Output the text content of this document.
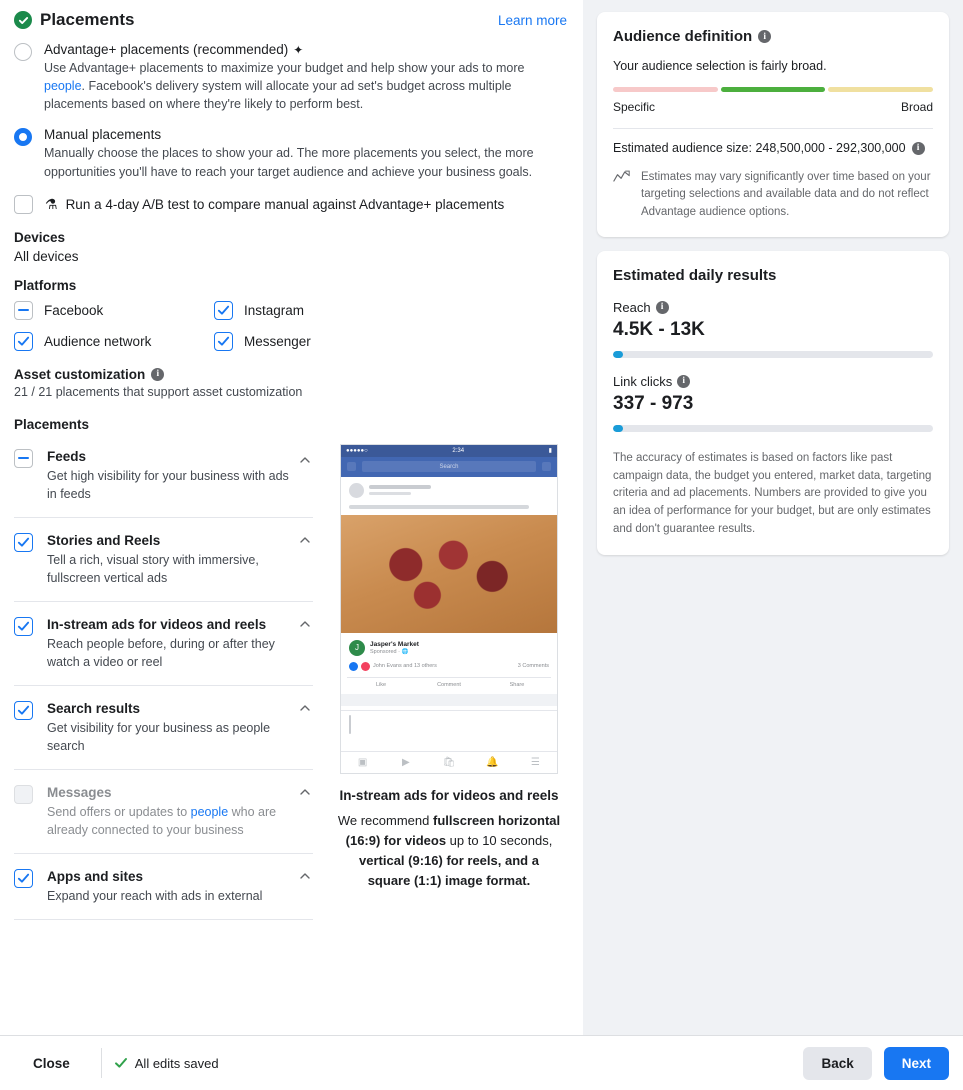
Placements	Learn more
Advantage+ placements (recommended) ✦
Use Advantage+ placements to maximize your budget and help show your ads to more people. Facebook's delivery system will allocate your ad set's budget across multiple placements based on where they're likely to perform best.
Manual placements
Manually choose the places to show your ad. The more placements you select, the more opportunities you'll have to reach your target audience and achieve your business goals.
⚗ Run a 4-day A/B test to compare manual against Advantage+ placements
Devices
All devices
Platforms
Facebook	Instagram
Audience network	Messenger
Asset customization	i
21 / 21 placements that support asset customization
Placements
Feeds
Get high visibility for your business with ads in feeds
Stories and Reels
Tell a rich, visual story with immersive, fullscreen vertical ads
In-stream ads for videos and reels
Reach people before, during or after they watch a video or reel
Search results
Get visibility for your business as people search
Messages
Send offers or updates to people who are already connected to your business
Apps and sites
Expand your reach with ads in external
●●●●●○	2:34	▮
Search
J	Jasper's Market
Sponsored · 🌐
John Evans and 13 others	3 Comments
Like	Comment	Share
▣	▶	🛍	🔔	☰
In-stream ads for videos and reels
We recommend fullscreen horizontal (16:9) for videos up to 10 seconds, vertical (9:16) for reels, and a square (1:1) image format.
Audience definition	i
Your audience selection is fairly broad.
Specific	Broad
Estimated audience size: 248,500,000 - 292,300,000	i
Estimates may vary significantly over time based on your targeting selections and available data and do not reflect Advantage audience options.
Estimated daily results
Reach	i
4.5K - 13K
Link clicks	i
337 - 973
The accuracy of estimates is based on factors like past campaign data, the budget you entered, market data, targeting criteria and ad placements. Numbers are provided to give you an idea of performance for your budget, but are only estimates and don't guarantee results.
Close	All edits saved	Back	Next
